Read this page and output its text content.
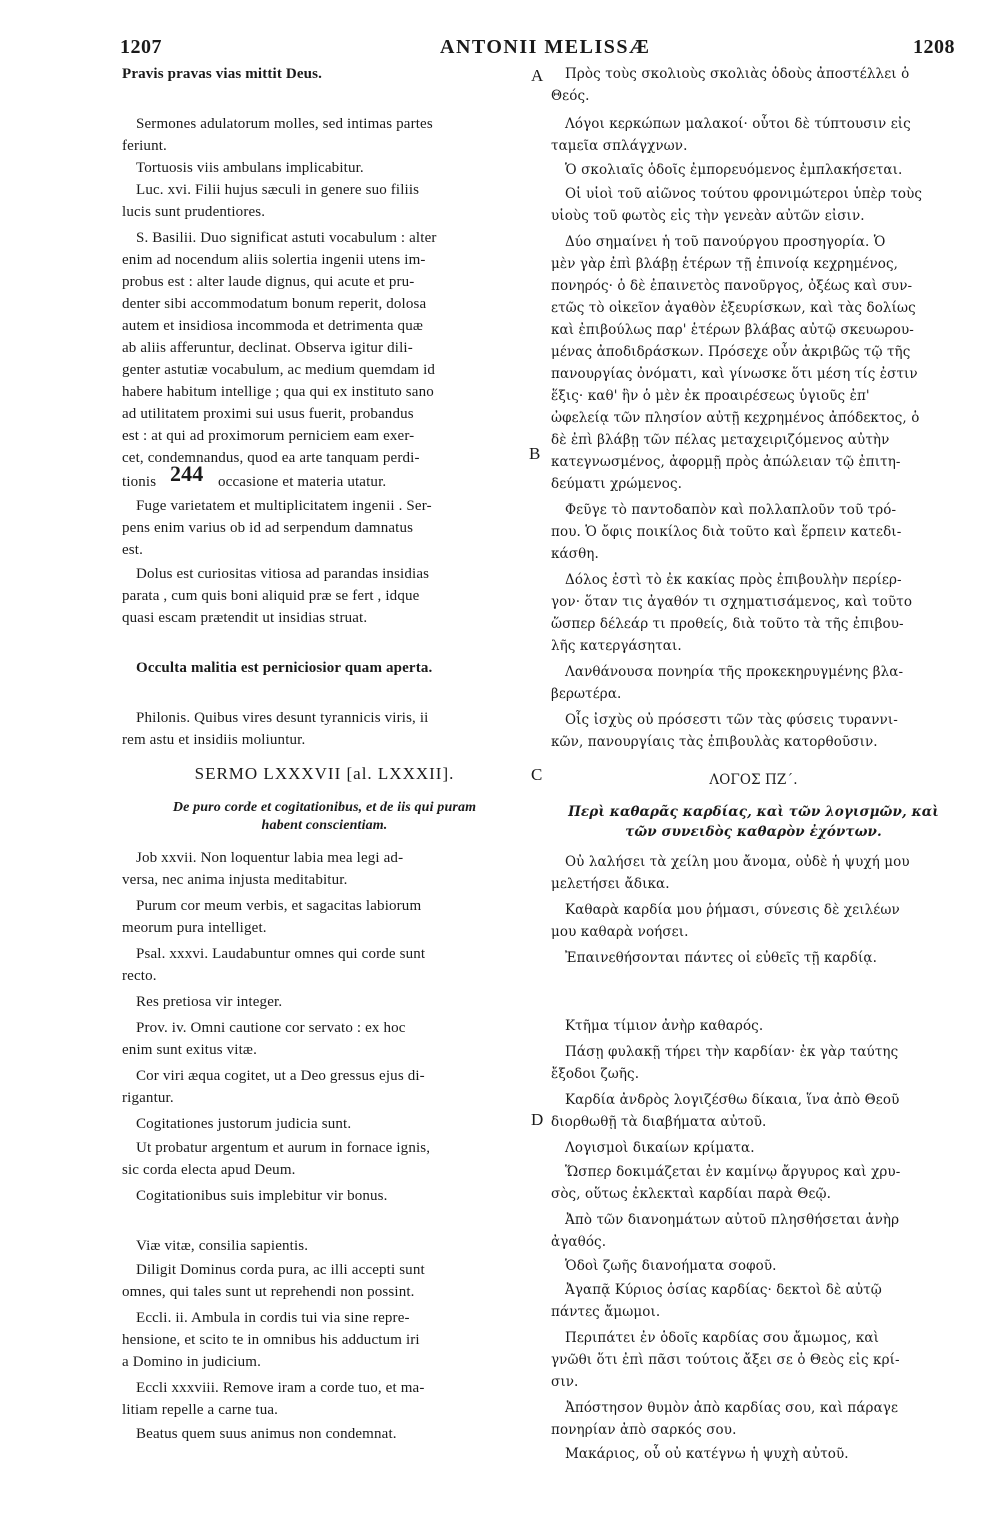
1207	ANTONII MELISSÆ	1208
A
B
C
D
Pravis pravas vias mittit Deus.
Sermones adulatorum molles, sed intimas partes
feriunt.
Tortuosis viis ambulans implicabitur.
Luc. xvi. Filii hujus sæculi in genere suo filiis
lucis sunt prudentiores.
S. Basilii. Duo significat astuti vocabulum : alter
enim ad nocendum aliis solertia ingenii utens im-
probus est : alter laude dignus, qui acute et pru-
denter sibi accommodatum bonum reperit, dolosa
autem et insidiosa incommoda et detrimenta quæ
ab aliis afferuntur, declinat. Observa igitur dili-
genter astutiæ vocabulum, ac medium quemdam id
habere habitum intellige ; qua qui ex instituto sano
ad utilitatem proximi sui usus fuerit, probandus
est : at qui ad proximorum perniciem eam exer-
cet, condemnandus, quod ea arte tanquam perdi-
tionis 244 occasione et materia utatur.
Fuge varietatem et multiplicitatem ingenii . Ser-
pens enim varius ob id ad serpendum damnatus
est.
Dolus est curiositas vitiosa ad parandas insidias
parata , cum quis boni aliquid præ se fert , idque
quasi escam prætendit ut insidias struat.
Occulta malitia est perniciosior quam aperta.
Philonis. Quibus vires desunt tyrannicis viris, ii
rem astu et insidiis moliuntur.
SERMO LXXXVII [al. LXXXII].
De puro corde et cogitationibus, et de iis qui puram
habent conscientiam.
Job xxvii. Non loquentur labia mea legi ad-
versa, nec anima injusta meditabitur.
Purum cor meum verbis, et sagacitas labiorum
meorum pura intelliget.
Psal. xxxvi. Laudabuntur omnes qui corde sunt
recto.
Res pretiosa vir integer.
Prov. iv. Omni cautione cor servato : ex hoc
enim sunt exitus vitæ.
Cor viri æqua cogitet, ut a Deo gressus ejus di-
rigantur.
Cogitationes justorum judicia sunt.
Ut probatur argentum et aurum in fornace ignis,
sic corda electa apud Deum.
Cogitationibus suis implebitur vir bonus.
Viæ vitæ, consilia sapientis.
Diligit Dominus corda pura, ac illi accepti sunt
omnes, qui tales sunt ut reprehendi non possint.
Eccli. ii. Ambula in cordis tui via sine repre-
hensione, et scito te in omnibus his adductum iri
a Domino in judicium.
Eccli xxxviii. Remove iram a corde tuo, et ma-
litiam repelle a carne tua.
Beatus quem suus animus non condemnat.
Πρὸς τοὺς σκολιοὺς σκολιὰς ὁδοὺς ἀποστέλλει ὁ
Θεός.
Λόγοι κερκώπων μαλακοί· οὗτοι δὲ τύπτουσιν εἰς
ταμεῖα σπλάγχνων.
Ὁ σκολιαῖς ὁδοῖς ἐμπορευόμενος ἐμπλακήσεται.
Οἱ υἱοὶ τοῦ αἰῶνος τούτου φρονιμώτεροι ὑπὲρ τοὺς
υἱοὺς τοῦ φωτὸς εἰς τὴν γενεὰν αὐτῶν εἰσιν.
Δύο σημαίνει ἡ τοῦ πανούργου προσηγορία. Ὁ
μὲν γὰρ ἐπὶ βλάβῃ ἑτέρων τῇ ἐπινοίᾳ κεχρημένος,
πονηρός· ὁ δὲ ἐπαινετὸς πανοῦργος, ὀξέως καὶ συν-
ετῶς τὸ οἰκεῖον ἀγαθὸν ἐξευρίσκων, καὶ τὰς δολίως
καὶ ἐπιβούλως παρ' ἑτέρων βλάβας αὐτῷ σκευωρου-
μένας ἀποδιδράσκων. Πρόσεχε οὖν ἀκριβῶς τῷ τῆς
πανουργίας ὀνόματι, καὶ γίνωσκε ὅτι μέση τίς ἐστιν
ἕξις· καθ' ἣν ὁ μὲν ἐκ προαιρέσεως ὑγιοῦς ἐπ'
ὠφελείᾳ τῶν πλησίον αὐτῇ κεχρημένος ἀπόδεκτος, ὁ
δὲ ἐπὶ βλάβῃ τῶν πέλας μεταχειριζόμενος αὐτὴν
κατεγνωσμένος, ἀφορμῇ πρὸς ἀπώλειαν τῷ ἐπιτη-
δεύματι χρώμενος.
Φεῦγε τὸ παντοδαπὸν καὶ πολλαπλοῦν τοῦ τρό-
που. Ὁ ὄφις ποικίλος διὰ τοῦτο καὶ ἕρπειν κατεδι-
κάσθη.
Δόλος ἐστὶ τὸ ἐκ κακίας πρὸς ἐπιβουλὴν περίερ-
γον· ὅταν τις ἀγαθόν τι σχηματισάμενος, καὶ τοῦτο
ὥσπερ δέλεάρ τι προθείς, διὰ τοῦτο τὰ τῆς ἐπιβου-
λῆς κατεργάσηται.
Λανθάνουσα πονηρία τῆς προκεκηρυγμένης βλα-
βερωτέρα.
Οἷς ἰσχὺς οὐ πρόσεστι τῶν τὰς φύσεις τυραννι-
κῶν, πανουργίαις τὰς ἐπιβουλὰς κατορθοῦσιν.
ΛΟΓΟΣ ΠΖ΄.
Περὶ καθαρᾶς καρδίας, καὶ τῶν λογισμῶν, καὶ
τῶν συνειδὸς καθαρὸν ἐχόντων.
Οὐ λαλήσει τὰ χείλη μου ἄνομα, οὐδὲ ἡ ψυχή μου
μελετήσει ἄδικα.
Καθαρὰ καρδία μου ῥήμασι, σύνεσις δὲ χειλέων
μου καθαρὰ νοήσει.
Ἐπαινεθήσονται πάντες οἱ εὐθεῖς τῇ καρδίᾳ.
Κτῆμα τίμιον ἀνὴρ καθαρός.
Πάσῃ φυλακῇ τήρει τὴν καρδίαν· ἐκ γὰρ ταύτης
ἔξοδοι ζωῆς.
Καρδία ἀνδρὸς λογιζέσθω δίκαια, ἵνα ἀπὸ Θεοῦ
διορθωθῇ τὰ διαβήματα αὐτοῦ.
Λογισμοὶ δικαίων κρίματα.
Ὥσπερ δοκιμάζεται ἐν καμίνῳ ἄργυρος καὶ χρυ-
σὸς, οὕτως ἐκλεκταὶ καρδίαι παρὰ Θεῷ.
Ἀπὸ τῶν διανοημάτων αὐτοῦ πλησθήσεται ἀνὴρ
ἀγαθός.
Ὁδοὶ ζωῆς διανοήματα σοφοῦ.
Ἀγαπᾷ Κύριος ὁσίας καρδίας· δεκτοὶ δὲ αὐτῷ
πάντες ἄμωμοι.
Περιπάτει ἐν ὁδοῖς καρδίας σου ἄμωμος, καὶ
γνῶθι ὅτι ἐπὶ πᾶσι τούτοις ἄξει σε ὁ Θεὸς εἰς κρί-
σιν.
Ἀπόστησον θυμὸν ἀπὸ καρδίας σου, καὶ πάραγε
πονηρίαν ἀπὸ σαρκός σου.
Μακάριος, οὗ οὐ κατέγνω ἡ ψυχὴ αὐτοῦ.
